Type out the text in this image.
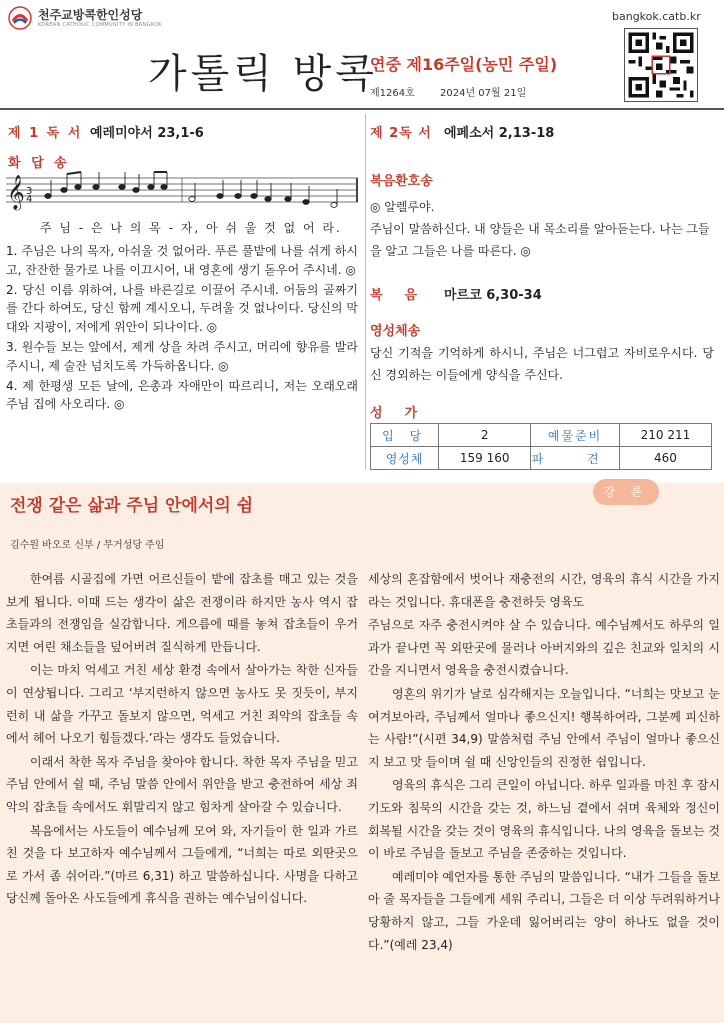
천주교방콕한인성당
KOREAN CATHOLIC COMMUNITY IN BANGKOK
bangkok.catb.kr
가톨릭 방콕
연중 제16주일(농민 주일)
제1264호	2024년 07월 21일
제 1 독 서 예레미야서 23,1-6
화 답 송
𝄞 3
4
주 님 - 은 나 의 목 - 자, 아 쉬 울 것 없 어 라.

1. 주님은 나의 목자, 아쉬울 것 없어라. 푸른 풀밭에 나를 쉬게 하시고, 잔잔한 물가로 나를 이끄시어, 내 영혼에 생기 돋우어 주시네. ◎

2. 당신 이름 위하여, 나를 바른길로 이끌어 주시네. 어둠의 골짜기를 간다 하여도, 당신 함께 계시오니, 두려울 것 없나이다. 당신의 막대와 지팡이, 저에게 위안이 되나이다. ◎

3. 원수들 보는 앞에서, 제게 상을 차려 주시고, 머리에 향유를 발라 주시니, 제 술잔 넘치도록 가득하옵니다. ◎

4. 제 한평생 모든 날에, 은총과 자애만이 따르리니, 저는 오래오래 주님 집에 사오리다. ◎

제 2독 서 에페소서 2,13-18
복음환호송

◎ 알렐루야.

주님이 말씀하신다. 내 양들은 내 목소리를 알아듣는다. 나는 그들을 알고 그들은 나를 따른다. ◎

복음 마르코 6,30-34
영성체송
당신 기적을 기억하게 하시니, 주님은 너그럽고 자비로우시다. 당신 경외하는 이들에게 양식을 주신다.
성가
입 당	2	예물준비	210 211
영성체	159 160	파 견	460
강 론
전쟁 같은 삶과 주님 안에서의 쉼
김수원 바오로 신부 / 무거성당 주임

한여름 시골집에 가면 어르신들이 밭에 잡초를 매고 있는 것을 보게 됩니다. 이때 드는 생각이 삶은 전쟁이라 하지만 농사 역시 잡초들과의 전쟁임을 실감합니다. 게으름에 때를 놓쳐 잡초들이 우거지면 여린 채소들을 덮어버려 질식하게 만듭니다.

이는 마치 억세고 거친 세상 환경 속에서 살아가는 착한 신자들이 연상됩니다. 그리고 ‘부지런하지 않으면 농사도 못 짓듯이, 부지런히 내 삶을 가꾸고 돌보지 않으면, 억세고 거친 죄악의 잡초들 속에서 헤어 나오기 힘들겠다.’라는 생각도 들었습니다.

이래서 착한 목자 주님을 찾아야 합니다. 착한 목자 주님을 믿고 주님 안에서 쉴 때, 주님 말씀 안에서 위안을 받고 충전하여 세상 죄악의 잡초들 속에서도 휘말리지 않고 힘차게 살아갈 수 있습니다.

복음에서는 사도들이 예수님께 모여 와, 자기들이 한 일과 가르친 것을 다 보고하자 예수님께서 그들에게, “너희는 따로 외딴곳으로 가서 좀 쉬어라.”(마르 6,31) 하고 말씀하십니다. 사명을 다하고 당신께 돌아온 사도들에게 휴식을 권하는 예수님이십니다.

세상의 혼잡함에서 벗어나 재충전의 시간, 영육의 휴식 시간을 가지라는 것입니다. 휴대폰을 충전하듯 영육도

주님으로 자주 충전시켜야 살 수 있습니다. 예수님께서도 하루의 일과가 끝나면 꼭 외딴곳에 물러나 아버지와의 깊은 친교와 일치의 시간을 지니면서 영육을 충전시켰습니다.

영혼의 위기가 날로 심각해지는 오늘입니다. “너희는 맛보고 눈여겨보아라, 주님께서 얼마나 좋으신지! 행복하여라, 그분께 피신하는 사람!”(시편 34,9) 말씀처럼 주님 안에서 주님이 얼마나 좋으신지 보고 맛 들이며 쉴 때 신앙인들의 진정한 쉼입니다.

영육의 휴식은 그리 큰일이 아닙니다. 하루 일과를 마친 후 잠시 기도와 침묵의 시간을 갖는 것, 하느님 곁에서 쉬며 육체와 정신이 회복될 시간을 갖는 것이 영육의 휴식입니다. 나의 영육을 돌보는 것이 바로 주님을 돌보고 주님을 존중하는 것입니다.

예레미야 예언자를 통한 주님의 말씀입니다. “내가 그들을 돌보아 줄 목자들을 그들에게 세워 주리니, 그들은 더 이상 두려워하거나 당황하지 않고, 그들 가운데 잃어버리는 양이 하나도 없을 것이다.”(예레 23,4)
